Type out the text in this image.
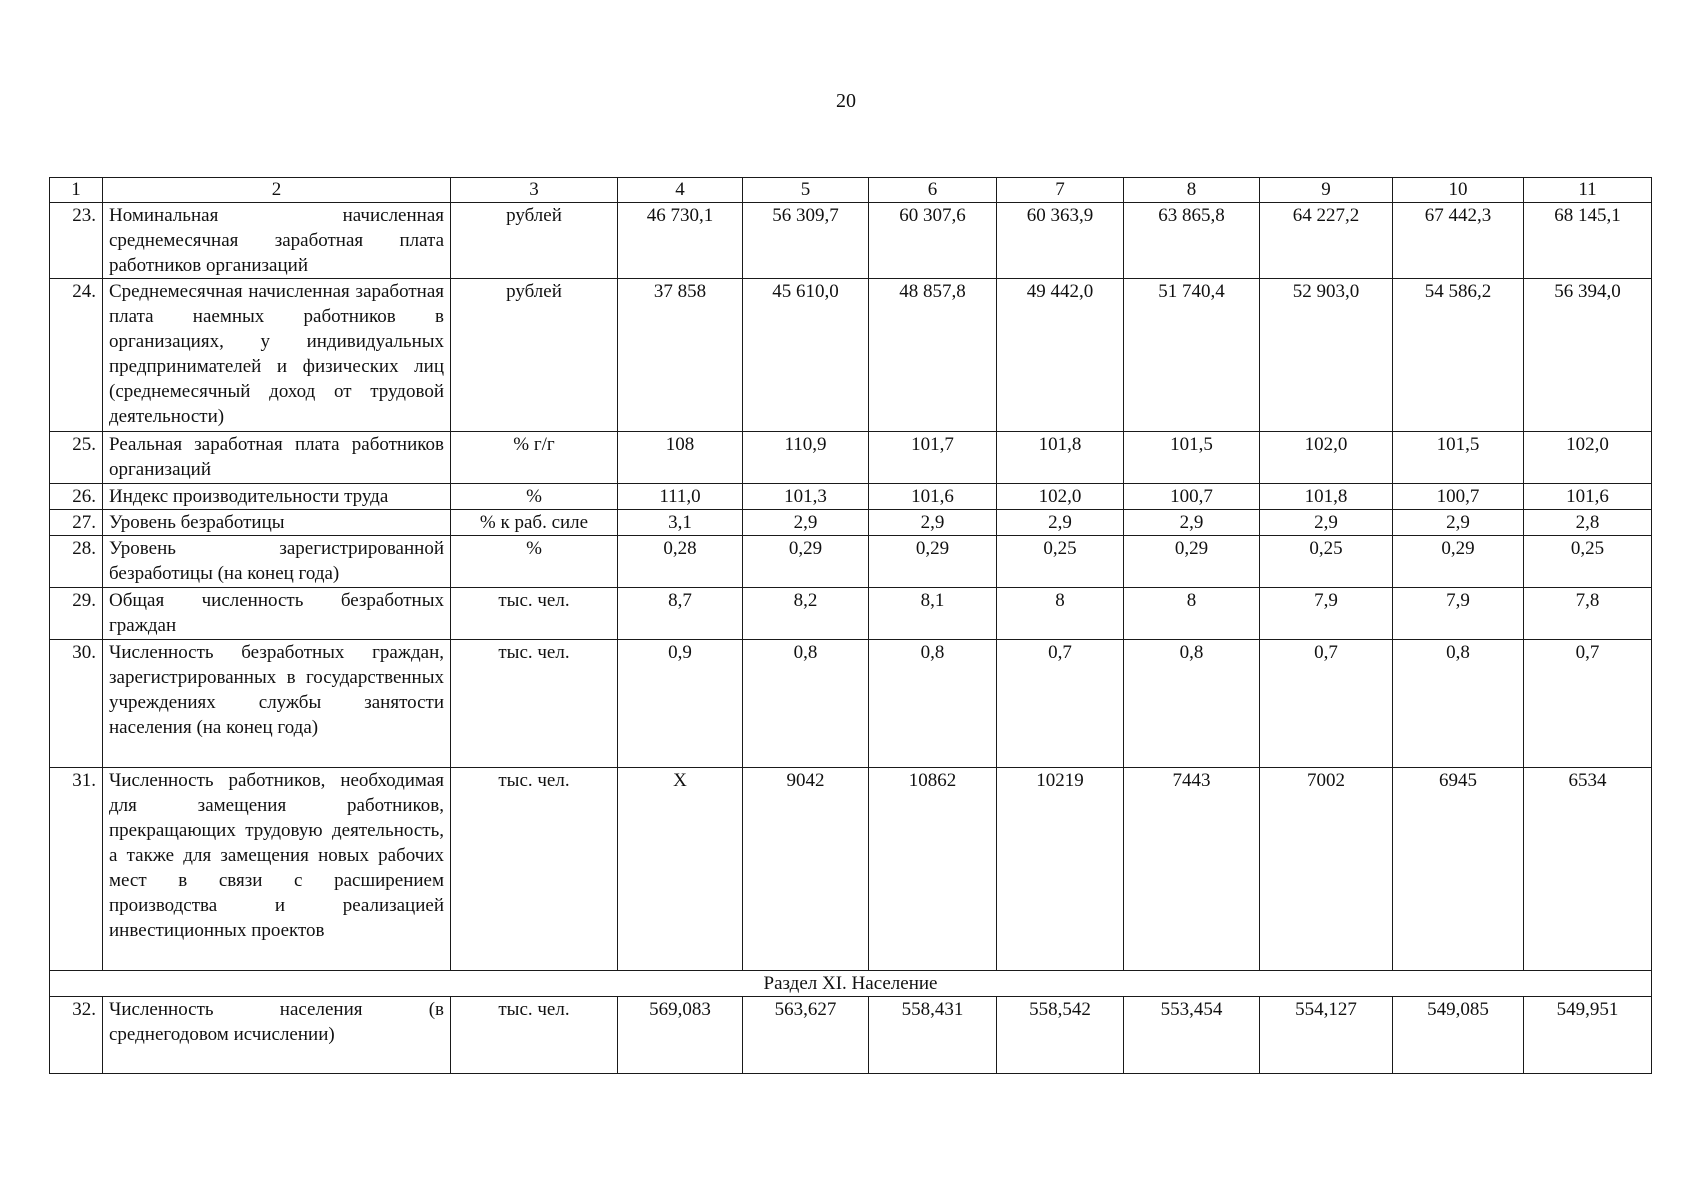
20
1	2	3	4	5	6	7	8	9	10	11
23.	Номинальная начисленная среднемесячная заработная плата работников организаций	рублей	46 730,1	56 309,7	60 307,6	60 363,9	63 865,8	64 227,2	67 442,3	68 145,1
24.	Среднемесячная начисленная заработная плата наемных работников в организациях, у индивидуальных предпринимателей и физических лиц (среднемесячный доход от трудовой деятельности)	рублей	37 858	45 610,0	48 857,8	49 442,0	51 740,4	52 903,0	54 586,2	56 394,0
25.	Реальная заработная плата работников организаций	% г/г	108	110,9	101,7	101,8	101,5	102,0	101,5	102,0
26.	Индекс производительности труда	%	111,0	101,3	101,6	102,0	100,7	101,8	100,7	101,6
27.	Уровень безработицы	% к раб. силе	3,1	2,9	2,9	2,9	2,9	2,9	2,9	2,8
28.	Уровень зарегистрированной безработицы (на конец года)	%	0,28	0,29	0,29	0,25	0,29	0,25	0,29	0,25
29.	Общая численность безработных граждан	тыс. чел.	8,7	8,2	8,1	8	8	7,9	7,9	7,8
30.	Численность безработных граждан, зарегистрированных в государственных учреждениях службы занятости населения (на конец года)	тыс. чел.	0,9	0,8	0,8	0,7	0,8	0,7	0,8	0,7
31.	Численность работников, необходимая для замещения работников, прекращающих трудовую деятельность, а также для замещения новых рабочих мест в связи с расширением производства и реализацией инвестиционных проектов	тыс. чел.	X	9042	10862	10219	7443	7002	6945	6534
Раздел XI. Население										
32.	Численность населения (в среднегодовом исчислении)	тыс. чел.	569,083	563,627	558,431	558,542	553,454	554,127	549,085	549,951
